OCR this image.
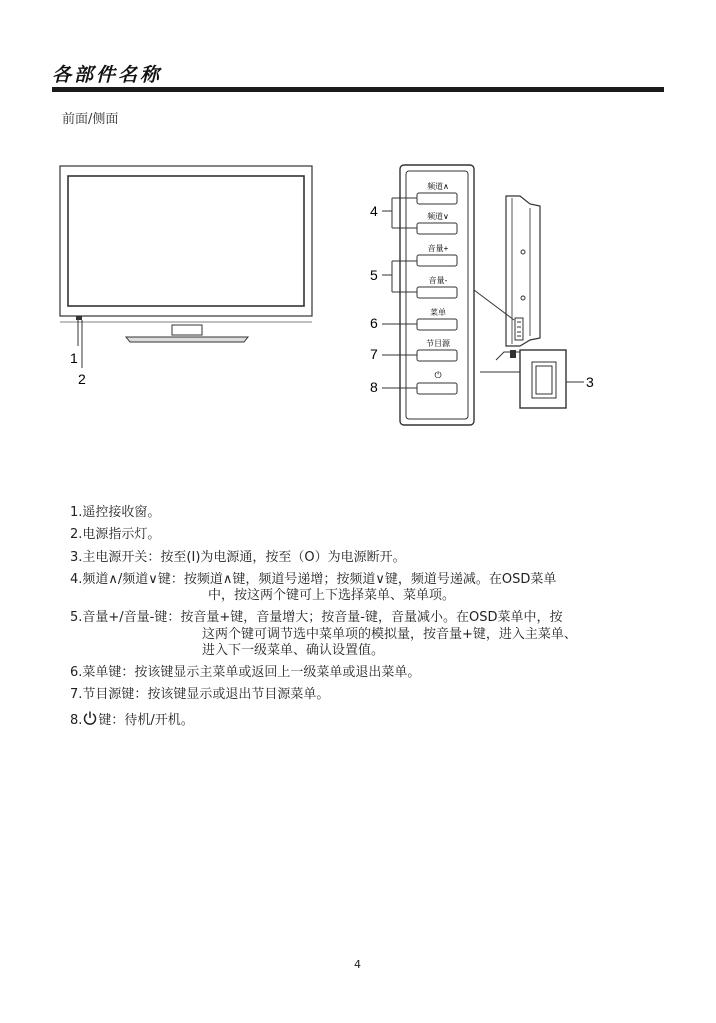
各部件名称
前面/侧面
1
2
频道∧
频道∨
音量+
音量-
菜单
节目源
⏻
4
5
6
7
8	3
1.遥控接收窗。
2.电源指示灯。
3.主电源开关：按至(Ⅰ)为电源通，按至（O）为电源断开。
4.频道∧/频道∨键：按频道∧键，频道号递增；按频道∨键，频道号递减。在OSD菜单
中，按这两个键可上下选择菜单、菜单项。
5.音量+/音量-键：按音量+键，音量增大；按音量-键，音量减小。在OSD菜单中，按
这两个键可调节选中菜单项的模拟量，按音量+键，进入主菜单、
进入下一级菜单、确认设置值。
6.菜单键：按该键显示主菜单或返回上一级菜单或退出菜单。
7.节目源键：按该键显示或退出节目源菜单。
8. 键：待机/开机。
4
